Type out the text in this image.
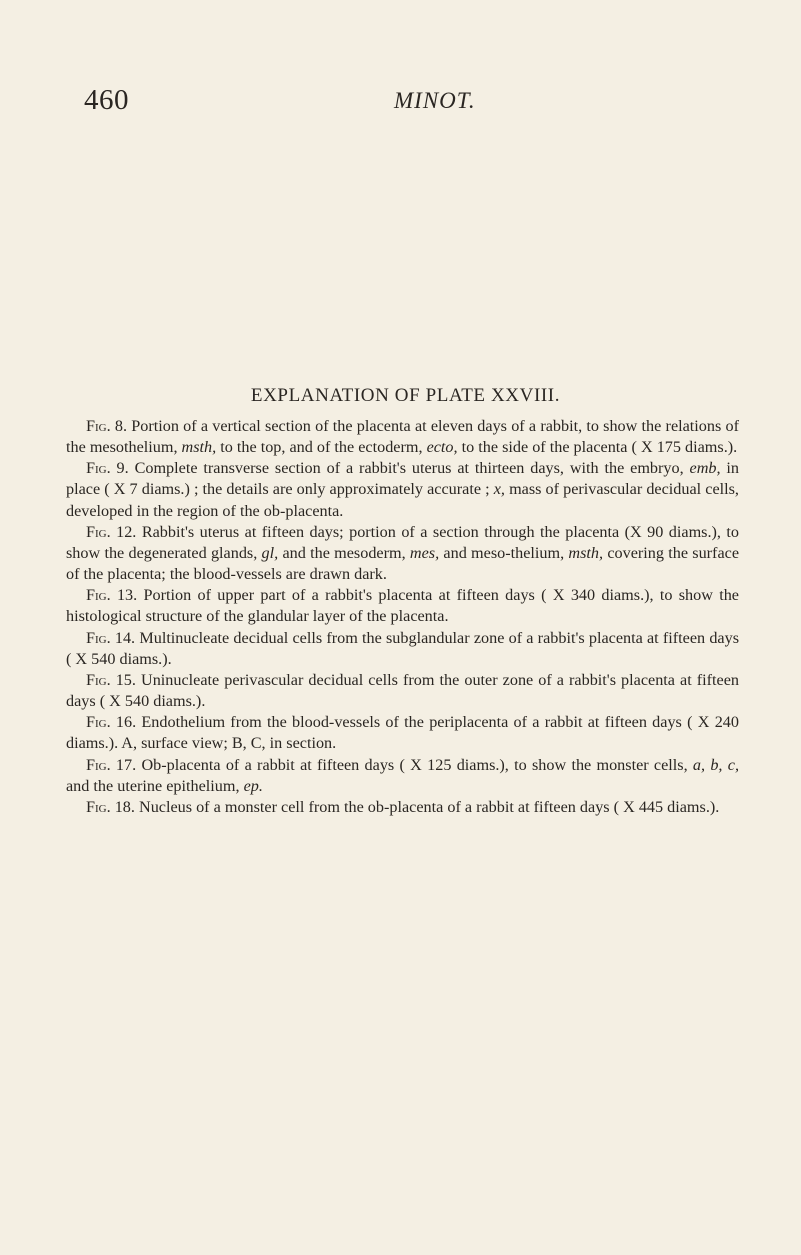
460	MINOT.
EXPLANATION OF PLATE XXVIII.

Fig. 8. Portion of a vertical section of the placenta at eleven days of a rabbit, to show the relations of the mesothelium, msth, to the top, and of the ectoderm, ecto, to the side of the placenta ( X 175 diams.).

Fig. 9. Complete transverse section of a rabbit's uterus at thirteen days, with the embryo, emb, in place ( X 7 diams.) ; the details are only approximately accurate ; x, mass of perivascular decidual cells, developed in the region of the ob-placenta.

Fig. 12. Rabbit's uterus at fifteen days; portion of a section through the placenta (X 90 diams.), to show the degenerated glands, gl, and the mesoderm, mes, and meso-thelium, msth, covering the surface of the placenta; the blood-vessels are drawn dark.

Fig. 13. Portion of upper part of a rabbit's placenta at fifteen days ( X 340 diams.), to show the histological structure of the glandular layer of the placenta.

Fig. 14. Multinucleate decidual cells from the subglandular zone of a rabbit's placenta at fifteen days ( X 540 diams.).

Fig. 15. Uninucleate perivascular decidual cells from the outer zone of a rabbit's placenta at fifteen days ( X 540 diams.).

Fig. 16. Endothelium from the blood-vessels of the periplacenta of a rabbit at fifteen days ( X 240 diams.). A, surface view; B, C, in section.

Fig. 17. Ob-placenta of a rabbit at fifteen days ( X 125 diams.), to show the monster cells, a, b, c, and the uterine epithelium, ep.

Fig. 18. Nucleus of a monster cell from the ob-placenta of a rabbit at fifteen days ( X 445 diams.).
